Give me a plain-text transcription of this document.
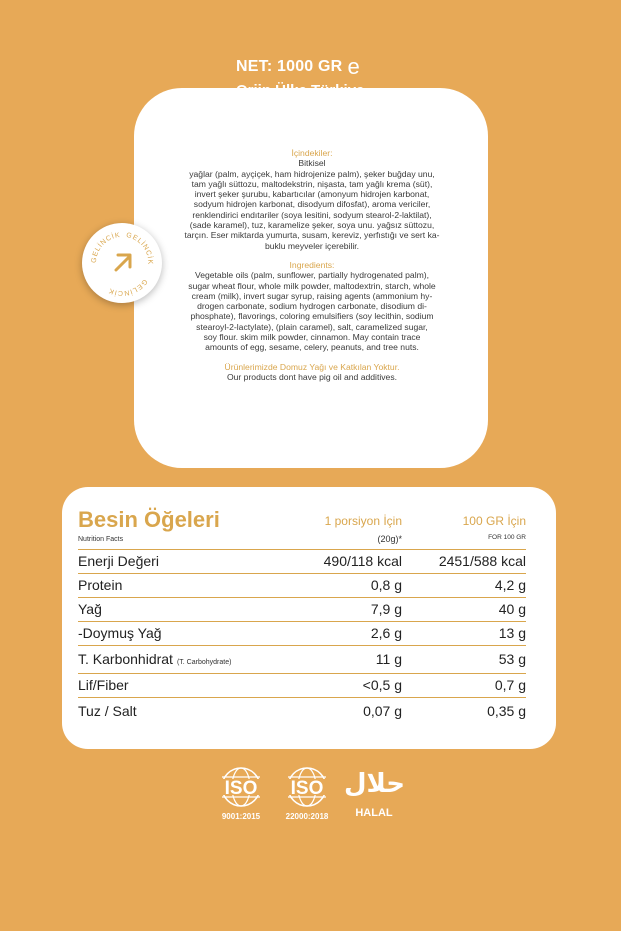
NET: 1000 GR e
İçindekiler:
Bitkisel
yağlar (palm, ayçiçek, ham hidrojenize palm), şeker buğday unu,
tam yağlı süttozu, maltodekstrin, nişasta, tam yağlı krema (süt),
invert şeker şurubu, kabartıcılar (amonyum hidrojen karbonat,
sodyum hidrojen karbonat, disodyum difosfat), aroma vericiler,
renklendirici endıtariler (soya lesitini, sodyum stearol-2-laktilat),
(sade karamel), tuz, karamelize şeker, soya unu. yağsız süttozu,
tarçın. Eser miktarda yumurta, susam, kereviz, yerfıstığı ve sert ka-
buklu meyveler içerebilir.
Ingredients:
Vegetable oils (palm, sunflower, partially hydrogenated palm),
sugar wheat flour, whole milk powder, maltodextrin, starch, whole
cream (milk), invert sugar syrup, raising agents (ammonium hy-
drogen carbonate, sodium hydrogen carbonate, disodium di-
phosphate), flavorings, coloring emulsifiers (soy lecithin, sodium
stearoyl-2-lactylate), (plain caramel), salt, caramelized sugar,
soy flour. skim milk powder, cinnamon. May contain trace
amounts of egg, sesame, celery, peanuts, and tree nuts.
Ürünlerimizde Domuz Yağı ve Katkılan Yoktur.
Our products dont have pig oil and additives.
GELİNCİK GELİNCİK
GELİNCİK
Besin Öğeleri
Nutrition Facts
1 porsiyon İçin
(20g)*
100 GR İçin
FOR 100 GR
Enerji Değeri	490/118 kcal	2451/588 kcal
Protein	0,8 g	4,2 g
Yağ	7,9 g	40 g
-Doymuş Yağ	2,6 g	13 g
T. Karbonhidrat (T. Carbohydrate)	11 g	53 g
Lif/Fiber	<0,5 g	0,7 g
Tuz / Salt	0,07 g	0,35 g
ISO
9001:2015
ISO
22000:2018
حلال
HALAL
